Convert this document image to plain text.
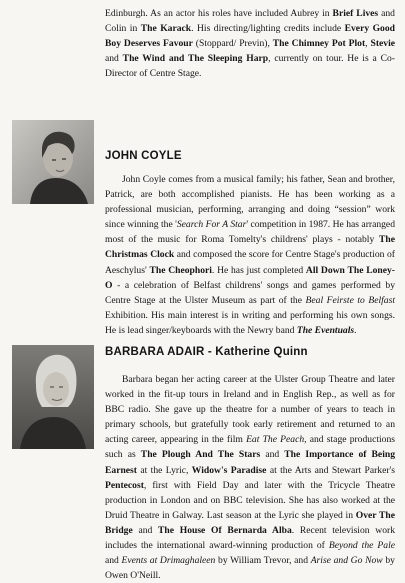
Edinburgh. As an actor his roles have included Aubrey in Brief Lives and Colin in The Karack. His directing/lighting credits include Every Good Boy Deserves Favour (Stoppard/ Previn), The Chimney Pot Plot, Stevie and The Wind and The Sleeping Harp, currently on tour. He is a Co-Director of Centre Stage.

JOHN COYLE

John Coyle comes from a musical family; his father, Sean and brother, Patrick, are both accomplished pianists. He has been working as a professional musician, performing, arranging and doing “session” work since winning the 'Search For A Star' competition in 1987. He has arranged most of the music for Roma Tomelty's childrens' plays - notably The Christmas Clock and composed the score for Centre Stage's production of Aeschylus' The Cheophori. He has just completed All Down The Loney-O - a celebration of Belfast childrens' songs and games performed by Centre Stage at the Ulster Museum as part of the Beal Feirste to Belfast Exhibition. His main interest is in writing and performing his own songs. He is lead singer/keyboards with the Newry band The Eventuals.

BARBARA ADAIR - Katherine Quinn

Barbara began her acting career at the Ulster Group Theatre and later worked in the fit-up tours in Ireland and in English Rep., as well as for BBC radio. She gave up the theatre for a number of years to teach in primary schools, but gratefully took early retirement and returned to an acting career, appearing in the film Eat The Peach, and stage productions such as The Plough And The Stars and The Importance of Being Earnest at the Lyric, Widow's Paradise at the Arts and Stewart Parker's Pentecost, first with Field Day and later with the Tricycle Theatre production in London and on BBC television. She has also worked at the Druid Theatre in Galway. Last season at the Lyric she played in Over The Bridge and The House Of Bernarda Alba. Recent television work includes the international award-winning production of Beyond the Pale and Events at Drimaghaleen by William Trevor, and Arise and Go Now by Owen O'Neill.
